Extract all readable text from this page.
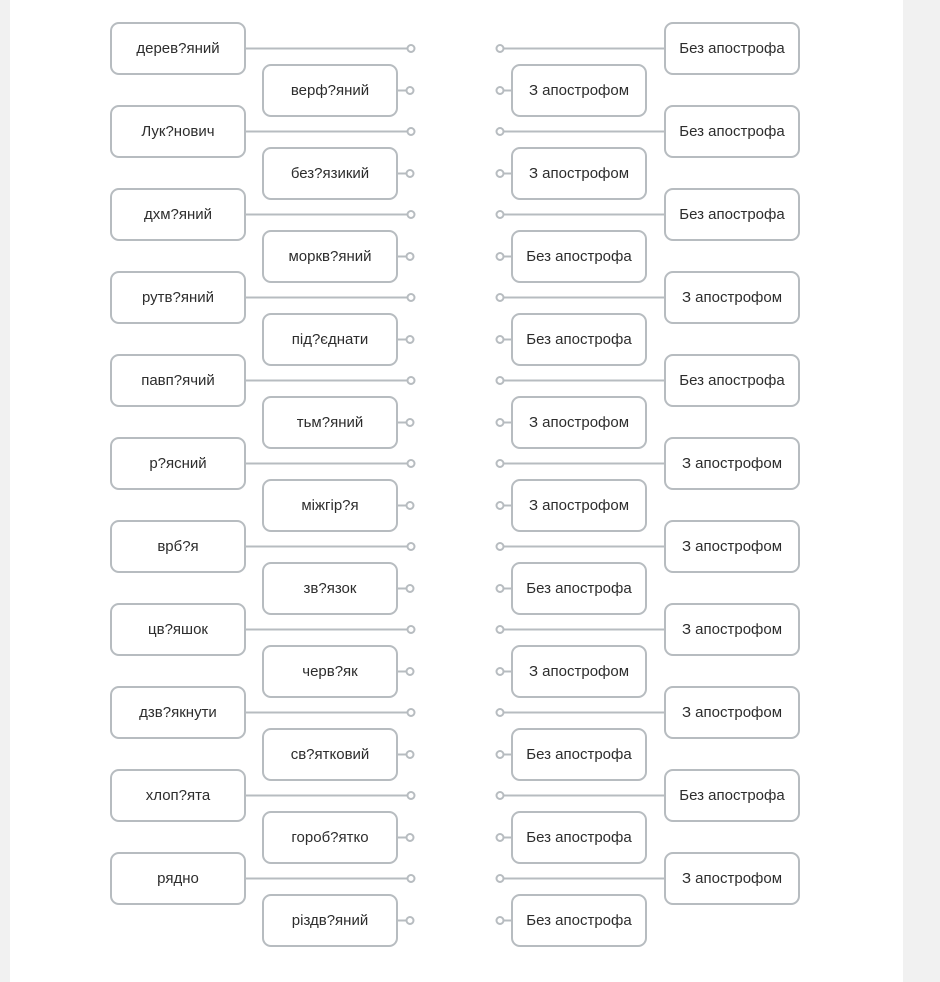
дерев?яний
Лук?нович
дхм?яний
рутв?яний
павп?ячий
р?ясний
врб?я
цв?яшок
дзв?якнути
хлоп?ята
рядно
верф?яний
без?язикий
моркв?яний
під?єднати
тьм?яний
міжгір?я
зв?язок
черв?як
св?ятковий
гороб?ятко
різдв?яний
З апострофом
З апострофом
Без апострофа
Без апострофа
З апострофом
З апострофом
Без апострофа
З апострофом
Без апострофа
Без апострофа
Без апострофа
Без апострофа
Без апострофа
Без апострофа
З апострофом
Без апострофа
З апострофом
З апострофом
З апострофом
З апострофом
Без апострофа
З апострофом
